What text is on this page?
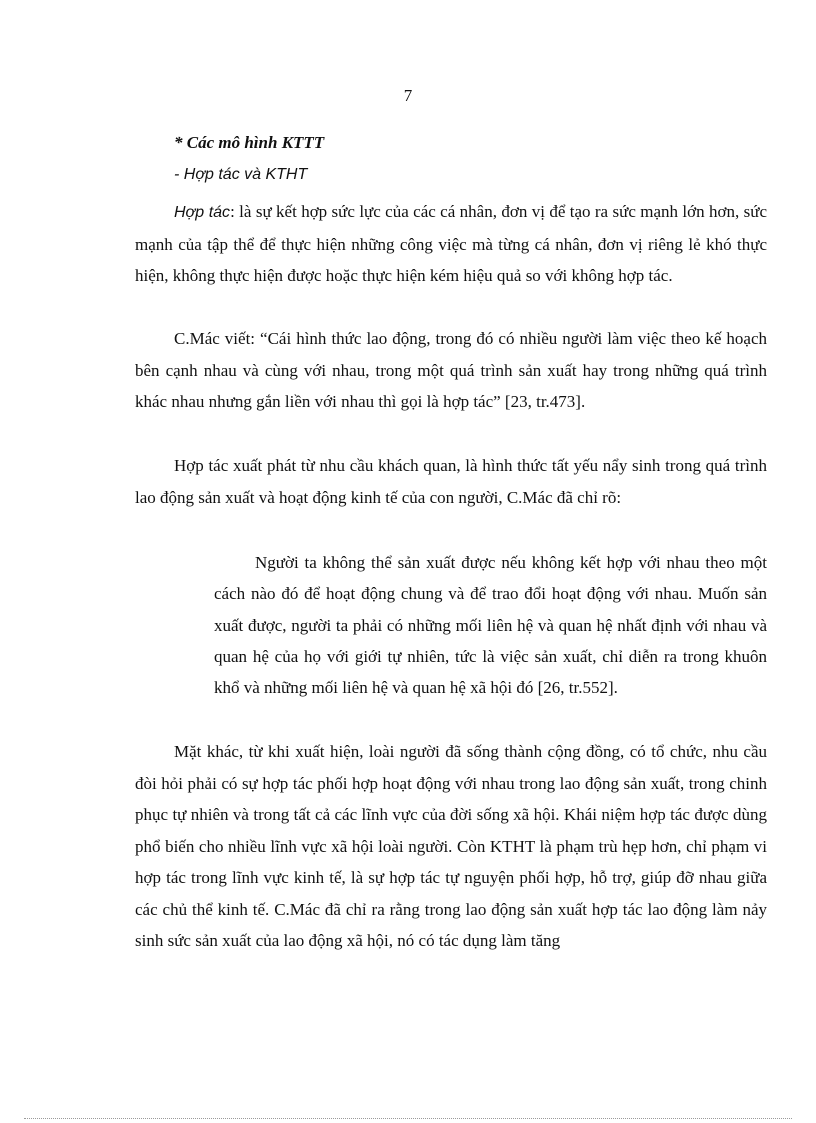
7
* Các mô hình KTTT
- Hợp tác và KTHT

Hợp tác: là sự kết hợp sức lực của các cá nhân, đơn vị để tạo ra sức mạnh lớn hơn, sức mạnh của tập thể để thực hiện những công việc mà từng cá nhân, đơn vị riêng lẻ khó thực hiện, không thực hiện được hoặc thực hiện kém hiệu quả so với không hợp tác.

C.Mác viết: “Cái hình thức lao động, trong đó có nhiều người làm việc theo kế hoạch bên cạnh nhau và cùng với nhau, trong một quá trình sản xuất hay trong những quá trình khác nhau nhưng gắn liền với nhau thì gọi là hợp tác” [23, tr.473].

Hợp tác xuất phát từ nhu cầu khách quan, là hình thức tất yếu nẩy sinh trong quá trình lao động sản xuất và hoạt động kinh tế của con người, C.Mác đã chỉ rõ:

Người ta không thể sản xuất được nếu không kết hợp với nhau theo một cách nào đó để hoạt động chung và để trao đổi hoạt động với nhau. Muốn sản xuất được, người ta phải có những mối liên hệ và quan hệ nhất định với nhau và quan hệ của họ với giới tự nhiên, tức là việc sản xuất, chỉ diễn ra trong khuôn khổ và những mối liên hệ và quan hệ xã hội đó [26, tr.552].

Mặt khác, từ khi xuất hiện, loài người đã sống thành cộng đồng, có tổ chức, nhu cầu đòi hỏi phải có sự hợp tác phối hợp hoạt động với nhau trong lao động sản xuất, trong chinh phục tự nhiên và trong tất cả các lĩnh vực của đời sống xã hội. Khái niệm hợp tác được dùng phổ biến cho nhiều lĩnh vực xã hội loài người. Còn KTHT là phạm trù hẹp hơn, chỉ phạm vi hợp tác trong lĩnh vực kinh tế, là sự hợp tác tự nguyện phối hợp, hỗ trợ, giúp đỡ nhau giữa các chủ thể kinh tế. C.Mác đã chỉ ra rằng trong lao động sản xuất hợp tác lao động làm nảy sinh sức sản xuất của lao động xã hội, nó có tác dụng làm tăng
